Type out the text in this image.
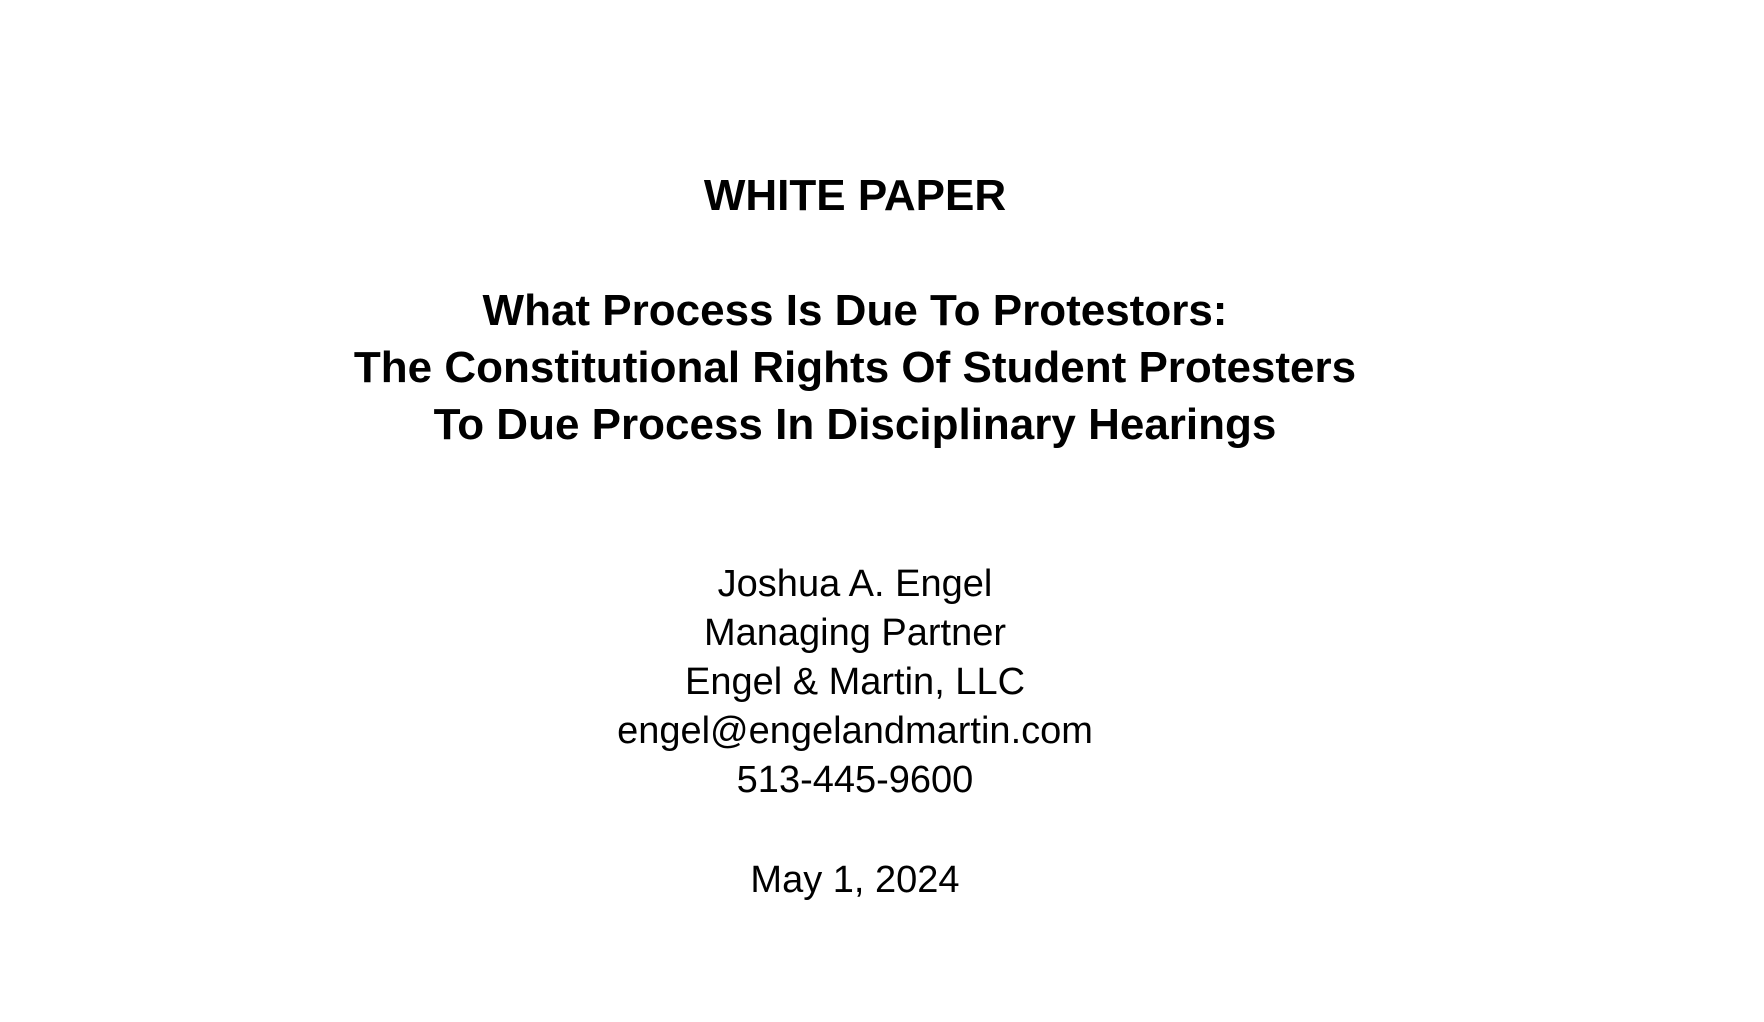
WHITE PAPER
What Process Is Due To Protestors:
The Constitutional Rights Of Student Protesters
To Due Process In Disciplinary Hearings
Joshua A. Engel
Managing Partner
Engel & Martin, LLC
engel@engelandmartin.com
513-445-9600
May 1, 2024
